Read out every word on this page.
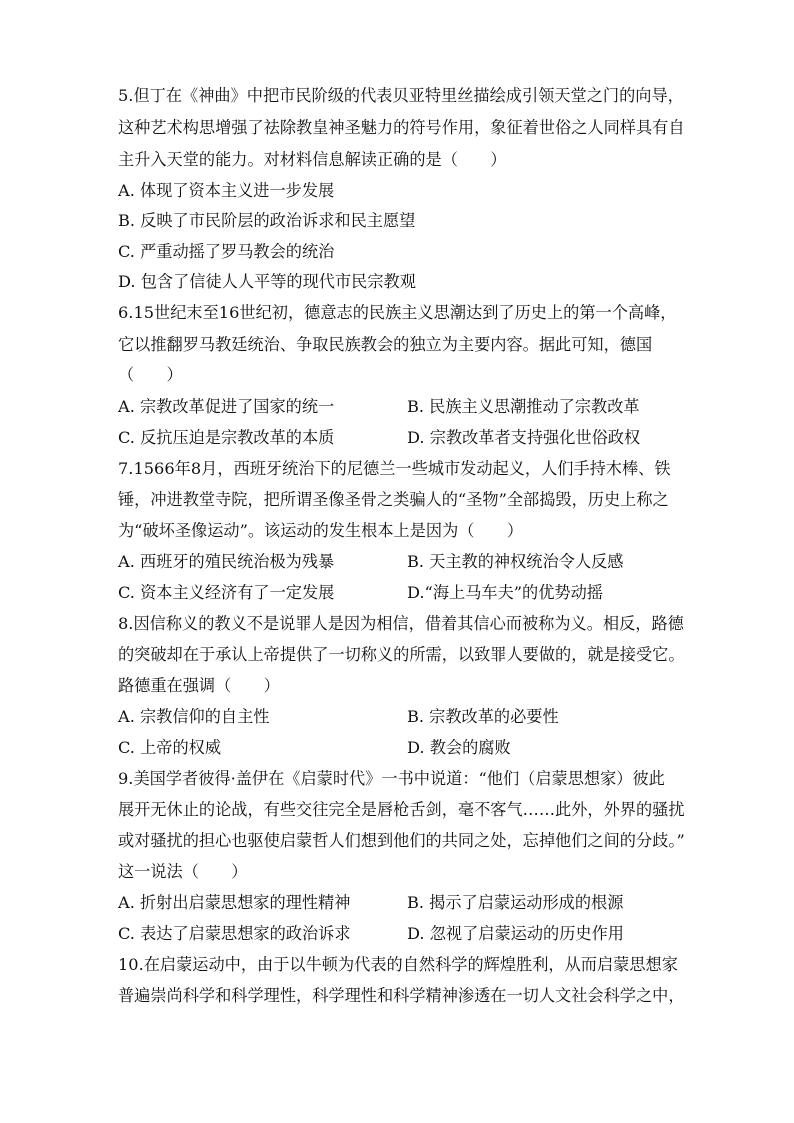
5.但丁在《神曲》中把市民阶级的代表贝亚特里丝描绘成引领天堂之门的向导，
这种艺术构思增强了祛除教皇神圣魅力的符号作用，象征着世俗之人同样具有自
主升入天堂的能力。对材料信息解读正确的是（　　）
A. 体现了资本主义进一步发展
B. 反映了市民阶层的政治诉求和民主愿望
C. 严重动摇了罗马教会的统治
D. 包含了信徒人人平等的现代市民宗教观
6.15世纪末至16世纪初，德意志的民族主义思潮达到了历史上的第一个高峰，
它以推翻罗马教廷统治、争取民族教会的独立为主要内容。据此可知，德国
（　　）
A. 宗教改革促进了国家的统一	B. 民族主义思潮推动了宗教改革
C. 反抗压迫是宗教改革的本质	D. 宗教改革者支持强化世俗政权
7.1566年8月，西班牙统治下的尼德兰一些城市发动起义，人们手持木棒、铁
锤，冲进教堂寺院，把所谓圣像圣骨之类骗人的“圣物”全部捣毁，历史上称之
为“破坏圣像运动”。该运动的发生根本上是因为（　　）
A. 西班牙的殖民统治极为残暴	B. 天主教的神权统治令人反感
C. 资本主义经济有了一定发展	D.“海上马车夫”的优势动摇
8.因信称义的教义不是说罪人是因为相信，借着其信心而被称为义。相反，路德
的突破却在于承认上帝提供了一切称义的所需，以致罪人要做的，就是接受它。
路德重在强调（　　）
A. 宗教信仰的自主性	B. 宗教改革的必要性
C. 上帝的权威	D. 教会的腐败
9.美国学者彼得·盖伊在《启蒙时代》一书中说道：“他们（启蒙思想家）彼此
展开无休止的论战，有些交往完全是唇枪舌剑，毫不客气……此外，外界的骚扰
或对骚扰的担心也驱使启蒙哲人们想到他们的共同之处，忘掉他们之间的分歧。”
这一说法（　　）
A. 折射出启蒙思想家的理性精神	B. 揭示了启蒙运动形成的根源
C. 表达了启蒙思想家的政治诉求	D. 忽视了启蒙运动的历史作用
10.在启蒙运动中，由于以牛顿为代表的自然科学的辉煌胜利，从而启蒙思想家
普遍崇尚科学和科学理性，科学理性和科学精神渗透在一切人文社会科学之中，
